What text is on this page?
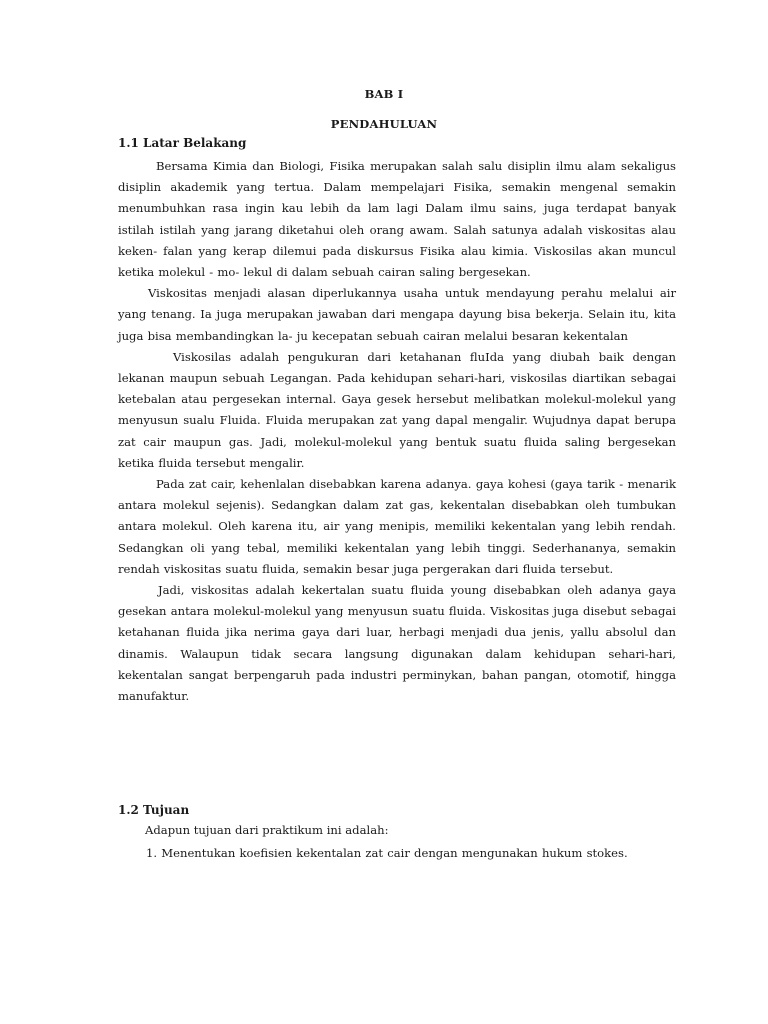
BAB I
PENDAHULUAN
1.1 Latar Belakang

Bersama Kimia dan Biologi, Fisika merupakan salah salu disiplin ilmu alam sekaligus disiplin akademik yang tertua. Dalam mempelajari Fisika, semakin mengenal semakin menumbuhkan rasa ingin kau lebih da lam lagi Dalam ilmu sains, juga terdapat banyak istilah istilah yang jarang diketahui oleh orang awam. Salah satunya adalah viskositas alau keken- falan yang kerap dilemui pada diskursus Fisika alau kimia. Viskosilas akan muncul ketika molekul - mo- lekul di dalam sebuah cairan saling bergesekan.

Viskositas menjadi alasan diperlukannya usaha untuk mendayung perahu melalui air yang tenang. Ia juga merupakan jawaban dari mengapa dayung bisa bekerja. Selain itu, kita juga bisa membandingkan la- ju kecepatan sebuah cairan melalui besaran kekentalan

Viskosilas adalah pengukuran dari ketahanan fluIda yang diubah baik dengan lekanan maupun sebuah Legangan. Pada kehidupan sehari-hari, viskosilas diartikan sebagai ketebalan atau pergesekan internal. Gaya gesek hersebut melibatkan molekul-molekul yang menyusun sualu Fluida. Fluida merupakan zat yang dapal mengalir. Wujudnya dapat berupa zat cair maupun gas. Jadi, molekul-molekul yang bentuk suatu fluida saling bergesekan ketika fluida tersebut mengalir.

Pada zat cair, kehenlalan disebabkan karena adanya. gaya kohesi (gaya tarik - menarik antara molekul sejenis). Sedangkan dalam zat gas, kekentalan disebabkan oleh tumbukan antara molekul. Oleh karena itu, air yang menipis, memiliki kekentalan yang lebih rendah. Sedangkan oli yang tebal, memiliki kekentalan yang lebih tinggi. Sederhananya, semakin rendah viskositas suatu fluida, semakin besar juga pergerakan dari fluida tersebut.

Jadi, viskositas adalah kekertalan suatu fluida young disebabkan oleh adanya gaya gesekan antara molekul-molekul yang menyusun suatu fluida. Viskositas juga disebut sebagai ketahanan fluida jika nerima gaya dari luar, herbagi menjadi dua jenis, yallu absolul dan dinamis. Walaupun tidak secara langsung digunakan dalam kehidupan sehari-hari, kekentalan sangat berpengaruh pada industri perminykan, bahan pangan, otomotif, hingga manufaktur.

1.2 Tujuan
Adapun tujuan dari praktikum ini adalah:
1. Menentukan koefisien kekentalan zat cair dengan mengunakan hukum stokes.
